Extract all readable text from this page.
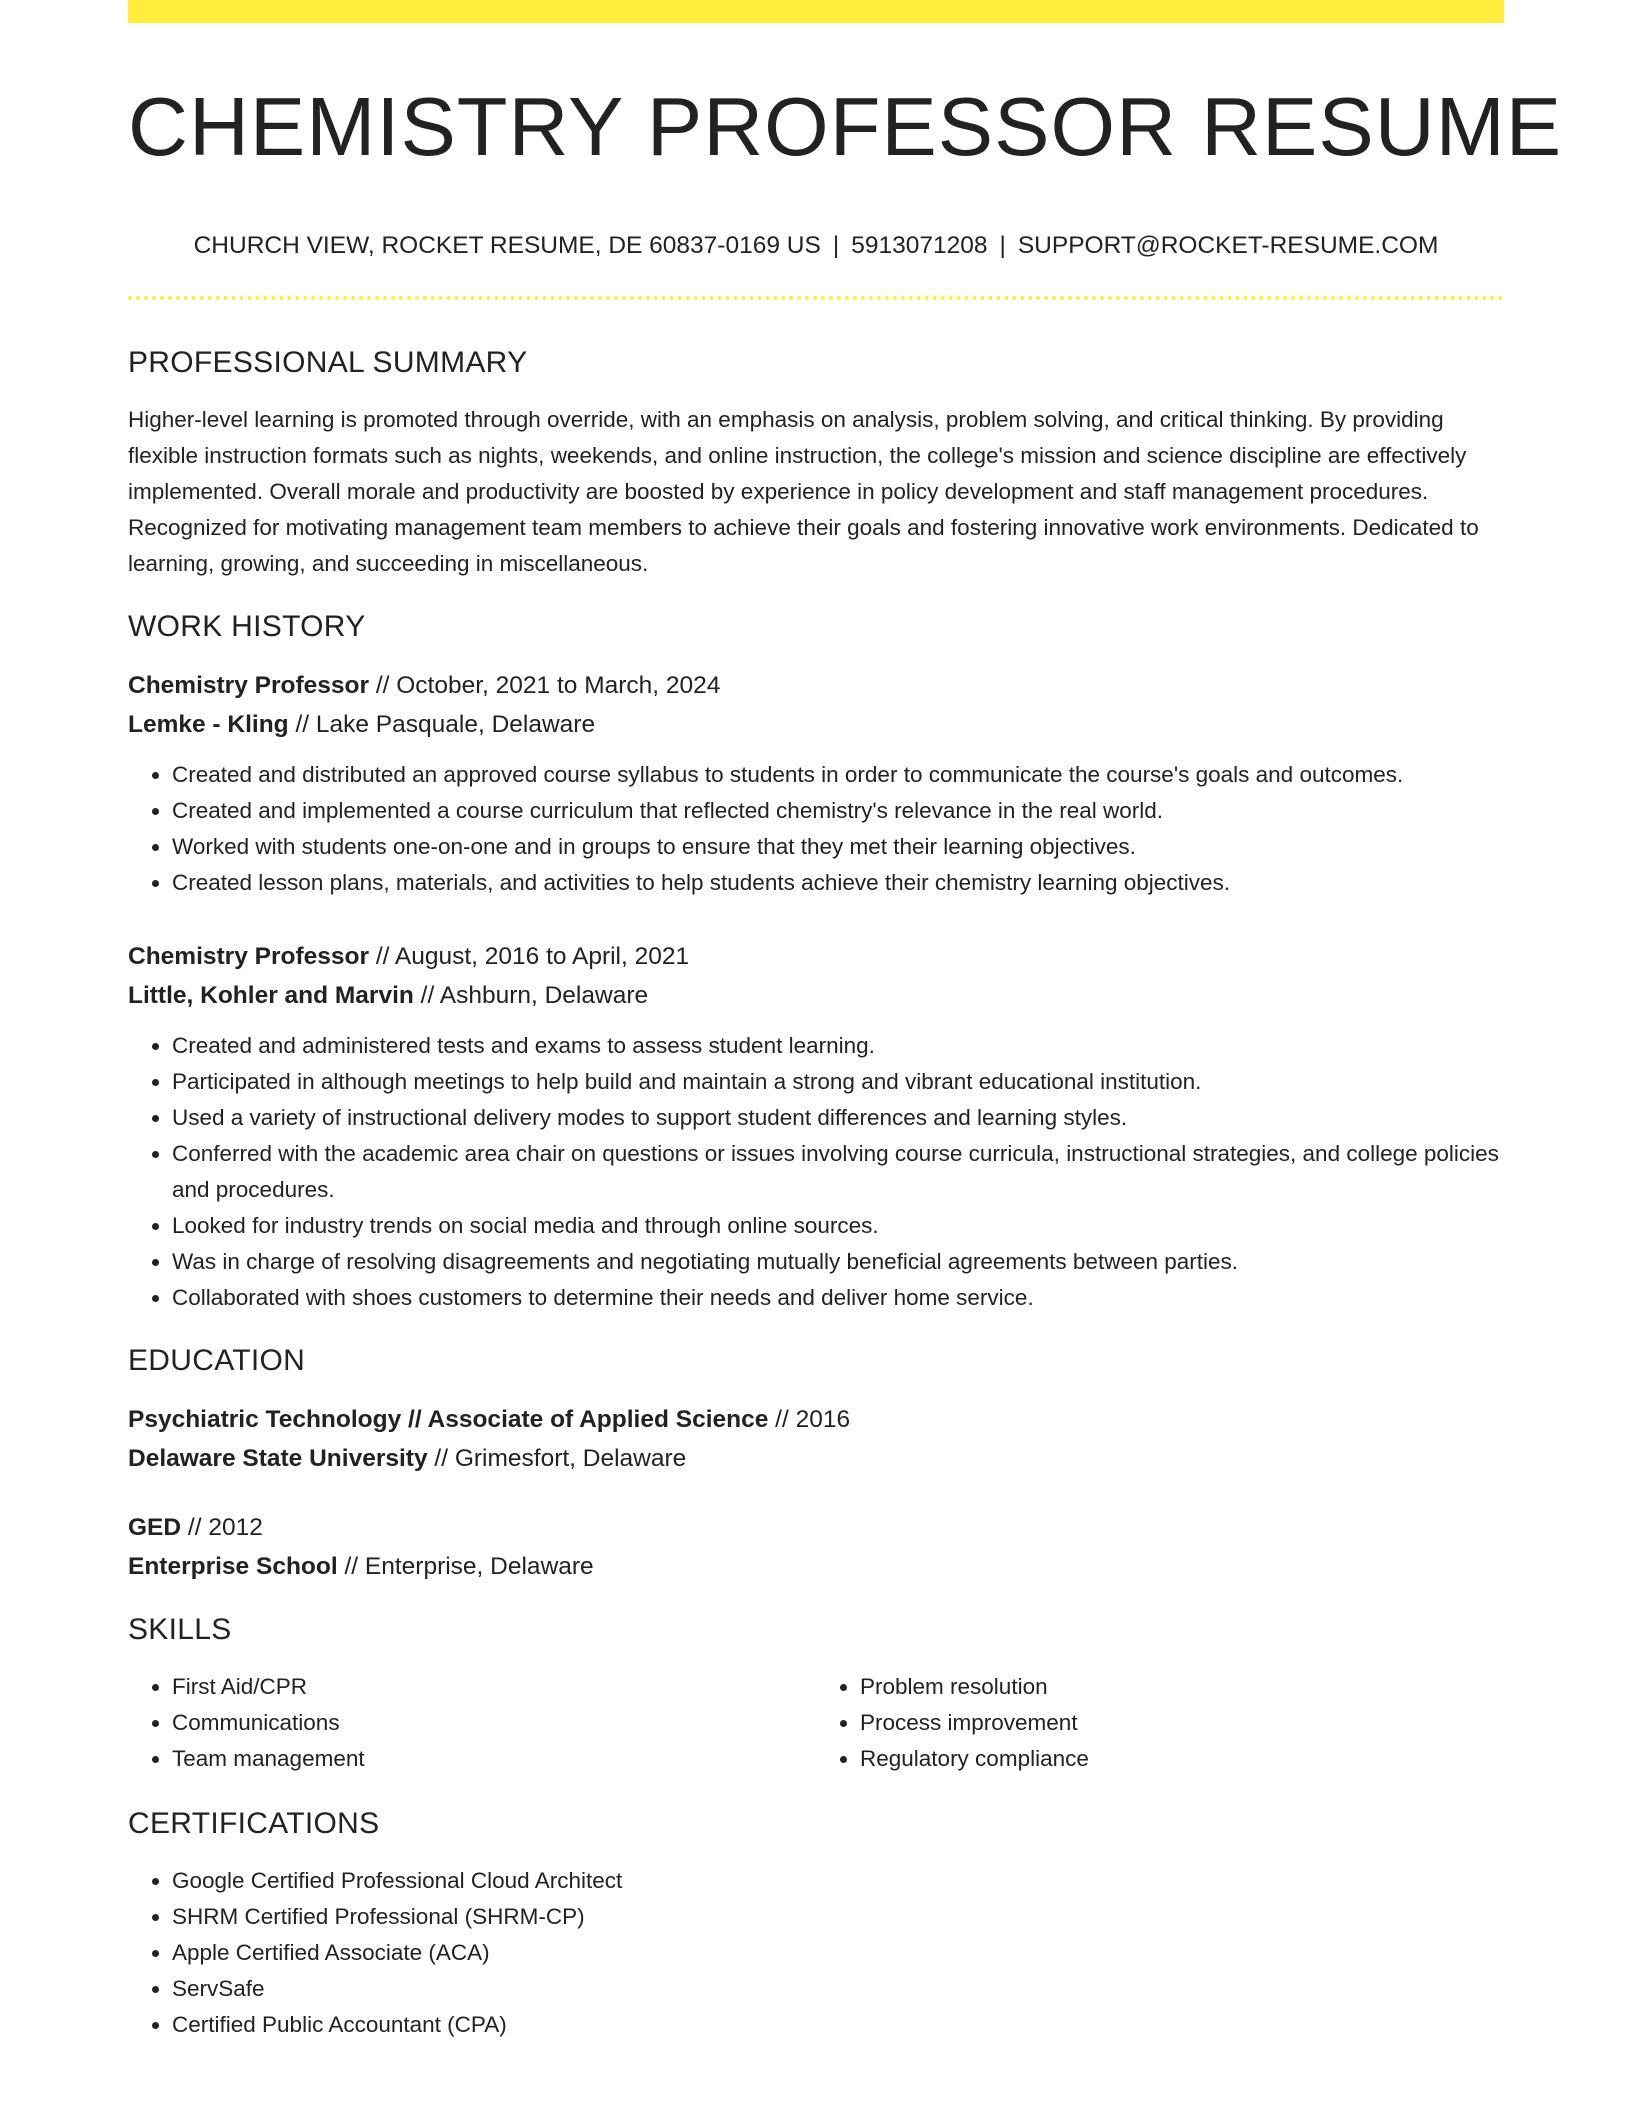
CHEMISTRY PROFESSOR RESUME
CHURCH VIEW, ROCKET RESUME, DE 60837-0169 US | 5913071208 | SUPPORT@ROCKET-RESUME.COM
PROFESSIONAL SUMMARY
Higher-level learning is promoted through override, with an emphasis on analysis, problem solving, and critical thinking. By providing flexible instruction formats such as nights, weekends, and online instruction, the college's mission and science discipline are effectively implemented. Overall morale and productivity are boosted by experience in policy development and staff management procedures. Recognized for motivating management team members to achieve their goals and fostering innovative work environments. Dedicated to learning, growing, and succeeding in miscellaneous.
WORK HISTORY
Chemistry Professor // October, 2021 to March, 2024
Lemke - Kling // Lake Pasquale, Delaware
• Created and distributed an approved course syllabus to students in order to communicate the course's goals and outcomes.
• Created and implemented a course curriculum that reflected chemistry's relevance in the real world.
• Worked with students one-on-one and in groups to ensure that they met their learning objectives.
• Created lesson plans, materials, and activities to help students achieve their chemistry learning objectives.
Chemistry Professor // August, 2016 to April, 2021
Little, Kohler and Marvin // Ashburn, Delaware
• Created and administered tests and exams to assess student learning.
• Participated in although meetings to help build and maintain a strong and vibrant educational institution.
• Used a variety of instructional delivery modes to support student differences and learning styles.
• Conferred with the academic area chair on questions or issues involving course curricula, instructional strategies, and college policies and procedures.
• Looked for industry trends on social media and through online sources.
• Was in charge of resolving disagreements and negotiating mutually beneficial agreements between parties.
• Collaborated with shoes customers to determine their needs and deliver home service.
EDUCATION
Psychiatric Technology // Associate of Applied Science // 2016
Delaware State University // Grimesfort, Delaware
GED // 2012
Enterprise School // Enterprise, Delaware
SKILLS
• First Aid/CPR
• Communications
• Team management
• Problem resolution
• Process improvement
• Regulatory compliance
CERTIFICATIONS
• Google Certified Professional Cloud Architect
• SHRM Certified Professional (SHRM-CP)
• Apple Certified Associate (ACA)
• ServSafe
• Certified Public Accountant (CPA)
